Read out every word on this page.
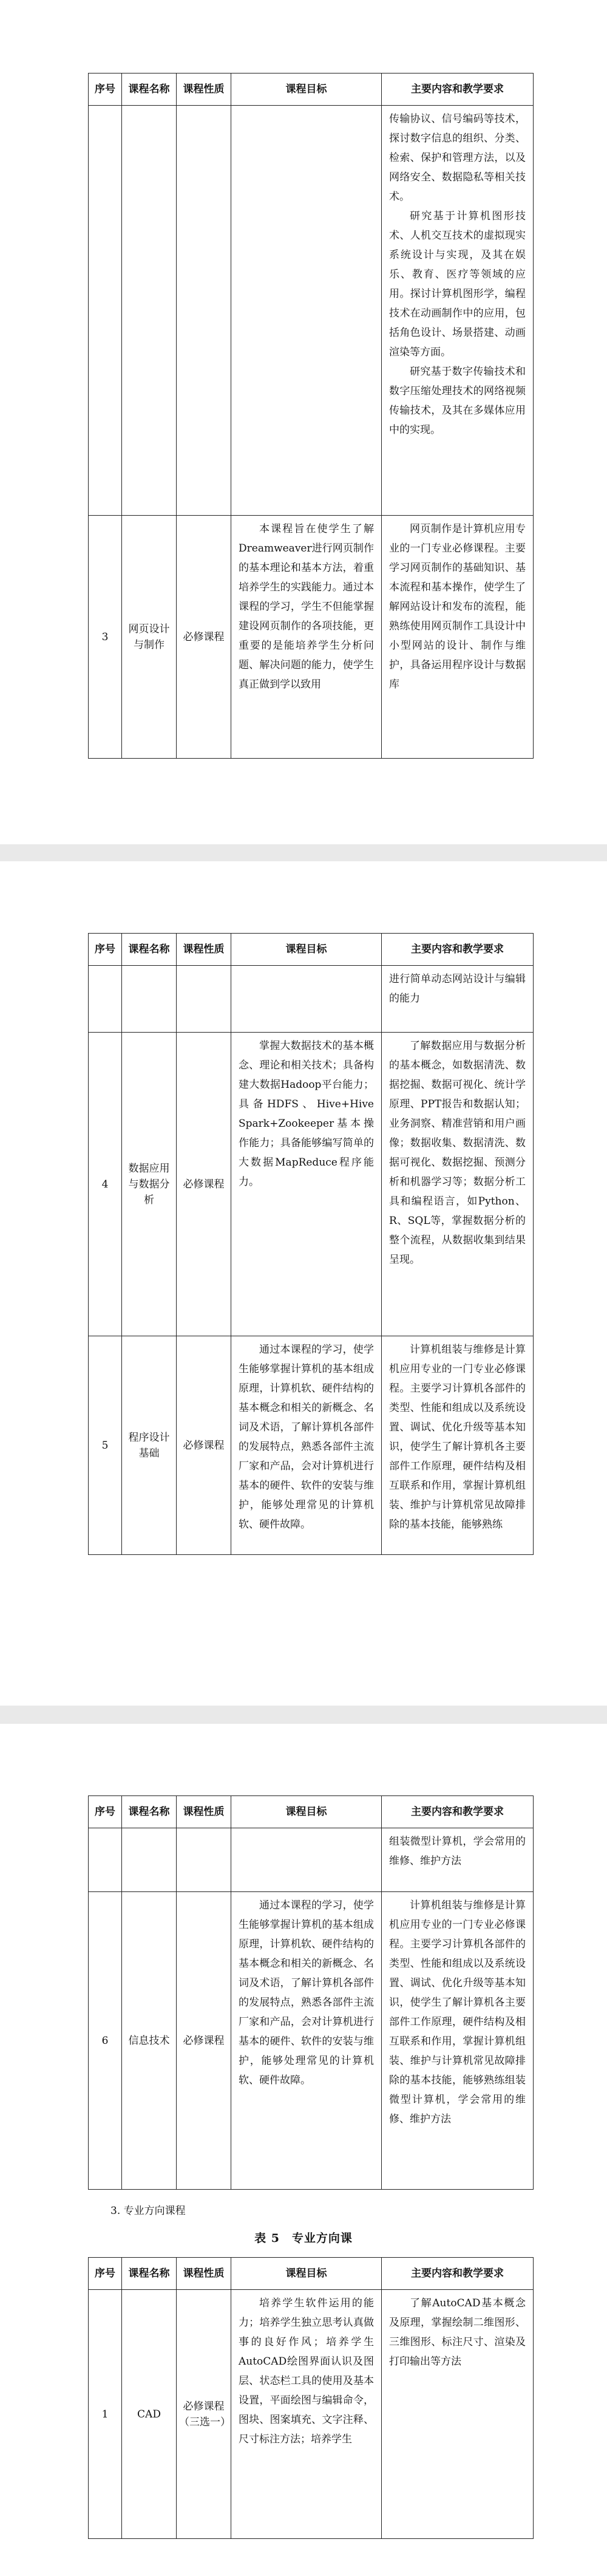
序号	课程名称	课程性质	课程目标	主要内容和教学要求

				传输协议、信号编码等技术，探讨数字信息的组织、分类、检索、保护和管理方法，以及网络安全、数据隐私等相关技术。

研究基于计算机图形技术、人机交互技术的虚拟现实系统设计与实现，及其在娱乐、教育、医疗等领域的应用。探讨计算机图形学，编程技术在动画制作中的应用，包括角色设计、场景搭建、动画渲染等方面。

研究基于数字传输技术和数字压缩处理技术的网络视频传输技术，及其在多媒体应用中的实现。

3	网页设计与制作	必修课程	本课程旨在使学生了解Dreamweaver进行网页制作的基本理论和基本方法，着重培养学生的实践能力。通过本课程的学习，学生不但能掌握建设网页制作的各项技能，更重要的是能培养学生分析问题、解决问题的能力，使学生真正做到学以致用	网页制作是计算机应用专业的一门专业必修课程。主要学习网页制作的基础知识、基本流程和基本操作，使学生了解网站设计和发布的流程，能熟练使用网页制作工具设计中小型网站的设计、制作与维护，具备运用程序设计与数据库

序号	课程名称	课程性质	课程目标	主要内容和教学要求

				进行简单动态网站设计与编辑的能力

4	数据应用与数据分析	必修课程	掌握大数据技术的基本概念、理论和相关技术；具备构建大数据Hadoop平台能力；具备HDFS、Hive+Hive Spark+Zookeeper基本操作能力；具备能够编写简单的大数据MapReduce程序能力。	了解数据应用与数据分析的基本概念，如数据清洗、数据挖掘、数据可视化、统计学原理、PPT报告和数据认知；业务洞察、精准营销和用户画像；数据收集、数据清洗、数据可视化、数据挖掘、预测分析和机器学习等；数据分析工具和编程语言，如Python、R、SQL等，掌握数据分析的整个流程，从数据收集到结果呈现。

5	程序设计基础	必修课程	通过本课程的学习，使学生能够掌握计算机的基本组成原理，计算机软、硬件结构的基本概念和相关的新概念、名词及术语，了解计算机各部件的发展特点，熟悉各部件主流厂家和产品，会对计算机进行基本的硬件、软件的安装与维护，能够处理常见的计算机软、硬件故障。	计算机组装与维修是计算机应用专业的一门专业必修课程。主要学习计算机各部件的类型、性能和组成以及系统设置、调试、优化升级等基本知识，使学生了解计算机各主要部件工作原理，硬件结构及相互联系和作用，掌握计算机组装、维护与计算机常见故障排除的基本技能，能够熟练

序号	课程名称	课程性质	课程目标	主要内容和教学要求

				组装微型计算机，学会常用的维修、维护方法

6	信息技术	必修课程	通过本课程的学习，使学生能够掌握计算机的基本组成原理，计算机软、硬件结构的基本概念和相关的新概念、名词及术语，了解计算机各部件的发展特点，熟悉各部件主流厂家和产品，会对计算机进行基本的硬件、软件的安装与维护，能够处理常见的计算机软、硬件故障。	计算机组装与维修是计算机应用专业的一门专业必修课程。主要学习计算机各部件的类型、性能和组成以及系统设置、调试、优化升级等基本知识，使学生了解计算机各主要部件工作原理，硬件结构及相互联系和作用，掌握计算机组装、维护与计算机常见故障排除的基本技能，能够熟练组装微型计算机，学会常用的维修、维护方法

3. 专业方向课程
表 5　专业方向课
序号	课程名称	课程性质	课程目标	主要内容和教学要求
1	CAD	必修课程（三选一）	培养学生软件运用的能力；培养学生独立思考认真做事的良好作风；培养学生AutoCAD绘图界面认识及图层、状态栏工具的使用及基本设置，平面绘图与编辑命令，图块、图案填充、文字注释、尺寸标注方法；培养学生	了解AutoCAD基本概念及原理，掌握绘制二维图形、三维图形、标注尺寸、渲染及打印输出等方法
